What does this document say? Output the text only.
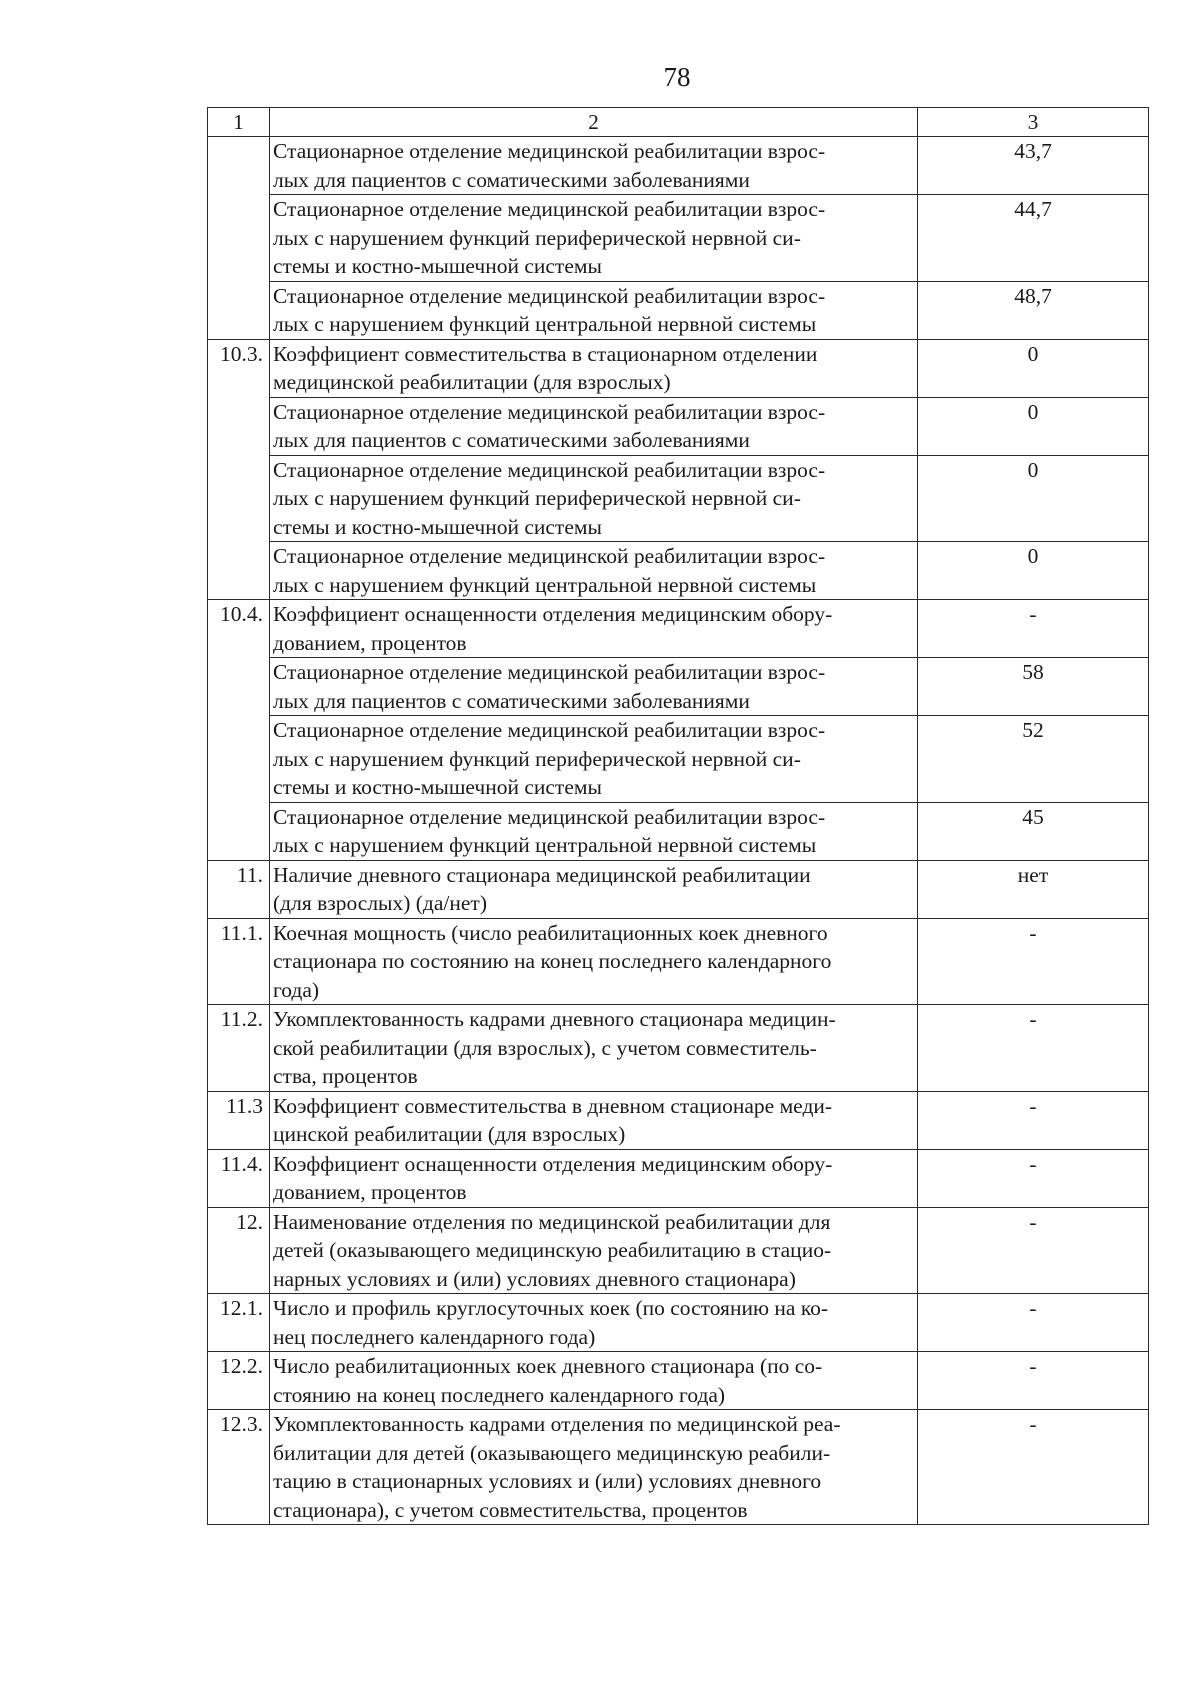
78
1	2	3
	Стационарное отделение медицинской реабилитации взрос-
лых для пациентов с соматическими заболеваниями	43,7
	Стационарное отделение медицинской реабилитации взрос-
лых с нарушением функций периферической нервной си-
стемы и костно-мышечной системы	44,7
	Стационарное отделение медицинской реабилитации взрос-
лых с нарушением функций центральной нервной системы	48,7
10.3.	Коэффициент совместительства в стационарном отделении
медицинской реабилитации (для взрослых)	0
	Стационарное отделение медицинской реабилитации взрос-
лых для пациентов с соматическими заболеваниями	0
	Стационарное отделение медицинской реабилитации взрос-
лых с нарушением функций периферической нервной си-
стемы и костно-мышечной системы	0
	Стационарное отделение медицинской реабилитации взрос-
лых с нарушением функций центральной нервной системы	0
10.4.	Коэффициент оснащенности отделения медицинским обору-
дованием, процентов	-
	Стационарное отделение медицинской реабилитации взрос-
лых для пациентов с соматическими заболеваниями	58
	Стационарное отделение медицинской реабилитации взрос-
лых с нарушением функций периферической нервной си-
стемы и костно-мышечной системы	52
	Стационарное отделение медицинской реабилитации взрос-
лых с нарушением функций центральной нервной системы	45
11.	Наличие дневного стационара медицинской реабилитации
(для взрослых) (да/нет)	нет
11.1.	Коечная мощность (число реабилитационных коек дневного
стационара по состоянию на конец последнего календарного
года)	-
11.2.	Укомплектованность кадрами дневного стационара медицин-
ской реабилитации (для взрослых), с учетом совместитель-
ства, процентов	-
11.3	Коэффициент совместительства в дневном стационаре меди-
цинской реабилитации (для взрослых)	-
11.4.	Коэффициент оснащенности отделения медицинским обору-
дованием, процентов	-
12.	Наименование отделения по медицинской реабилитации для
детей (оказывающего медицинскую реабилитацию в стацио-
нарных условиях и (или) условиях дневного стационара)	-
12.1.	Число и профиль круглосуточных коек (по состоянию на ко-
нец последнего календарного года)	-
12.2.	Число реабилитационных коек дневного стационара (по со-
стоянию на конец последнего календарного года)	-
12.3.	Укомплектованность кадрами отделения по медицинской реа-
билитации для детей (оказывающего медицинскую реабили-
тацию в стационарных условиях и (или) условиях дневного
стационара), с учетом совместительства, процентов	-
